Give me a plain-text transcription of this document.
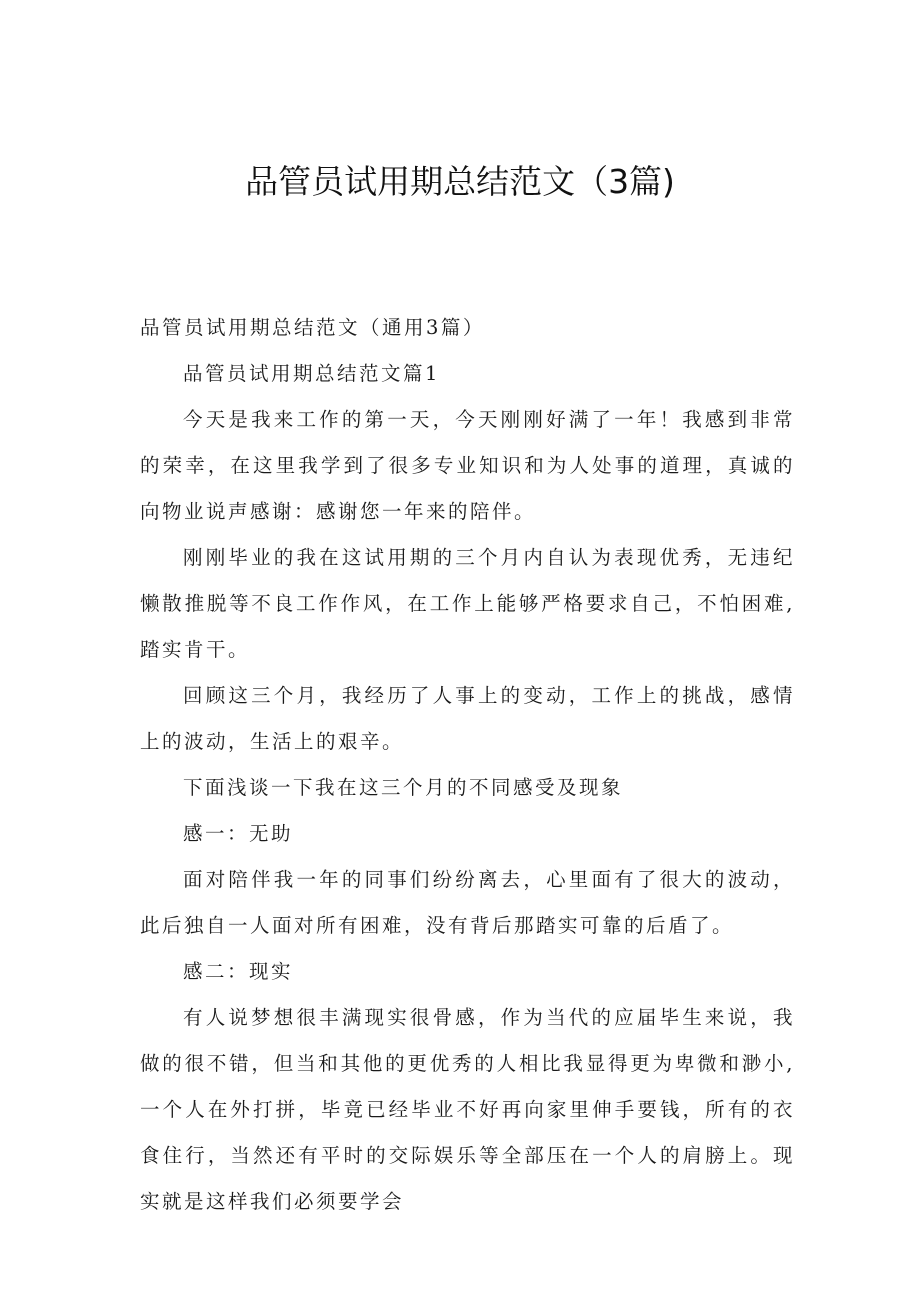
品管员试用期总结范文（3篇)

品管员试用期总结范文（通用3篇）

品管员试用期总结范文篇1

今天是我来工作的第一天，今天刚刚好满了一年！我感到非常的荣幸，在这里我学到了很多专业知识和为人处事的道理，真诚的向物业说声感谢：感谢您一年来的陪伴。

刚刚毕业的我在这试用期的三个月内自认为表现优秀，无违纪懒散推脱等不良工作作风，在工作上能够严格要求自己，不怕困难,踏实肯干。

回顾这三个月，我经历了人事上的变动，工作上的挑战，感情上的波动，生活上的艰辛。

下面浅谈一下我在这三个月的不同感受及现象

感一：无助

面对陪伴我一年的同事们纷纷离去，心里面有了很大的波动，此后独自一人面对所有困难，没有背后那踏实可靠的后盾了。

感二：现实

有人说梦想很丰满现实很骨感，作为当代的应届毕生来说，我做的很不错，但当和其他的更优秀的人相比我显得更为卑微和渺小,一个人在外打拼，毕竟已经毕业不好再向家里伸手要钱，所有的衣食住行，当然还有平时的交际娱乐等全部压在一个人的肩膀上。现实就是这样我们必须要学会
